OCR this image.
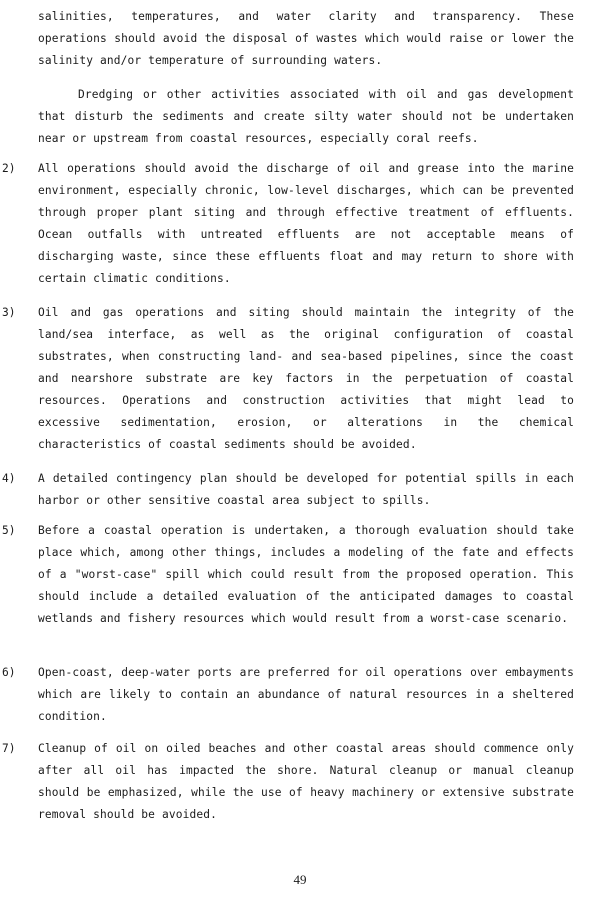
salinities, temperatures, and water clarity and transparency. These operations should avoid the disposal of wastes which would raise or lower the salinity and/or temperature of surrounding waters.

Dredging or other activities associated with oil and gas development that disturb the sediments and create silty water should not be undertaken near or upstream from coastal resources, especially coral reefs.

2) All operations should avoid the discharge of oil and grease into the marine environment, especially chronic, low-level discharges, which can be prevented through proper plant siting and through effective treatment of effluents. Ocean outfalls with untreated effluents are not acceptable means of discharging waste, since these effluents float and may return to shore with certain climatic conditions.

3) Oil and gas operations and siting should maintain the integrity of the land/sea interface, as well as the original configuration of coastal substrates, when constructing land- and sea-based pipelines, since the coast and nearshore substrate are key factors in the perpetuation of coastal resources. Operations and construction activities that might lead to excessive sedimentation, erosion, or alterations in the chemical characteristics of coastal sediments should be avoided.

4) A detailed contingency plan should be developed for potential spills in each harbor or other sensitive coastal area subject to spills.

5) Before a coastal operation is undertaken, a thorough evaluation should take place which, among other things, includes a modeling of the fate and effects of a "worst-case" spill which could result from the proposed operation. This should include a detailed evaluation of the anticipated damages to coastal wetlands and fishery resources which would result from a worst-case scenario.

6) Open-coast, deep-water ports are preferred for oil operations over embayments which are likely to contain an abundance of natural resources in a sheltered condition.

7) Cleanup of oil on oiled beaches and other coastal areas should commence only after all oil has impacted the shore. Natural cleanup or manual cleanup should be emphasized, while the use of heavy machinery or extensive substrate removal should be avoided.

49
